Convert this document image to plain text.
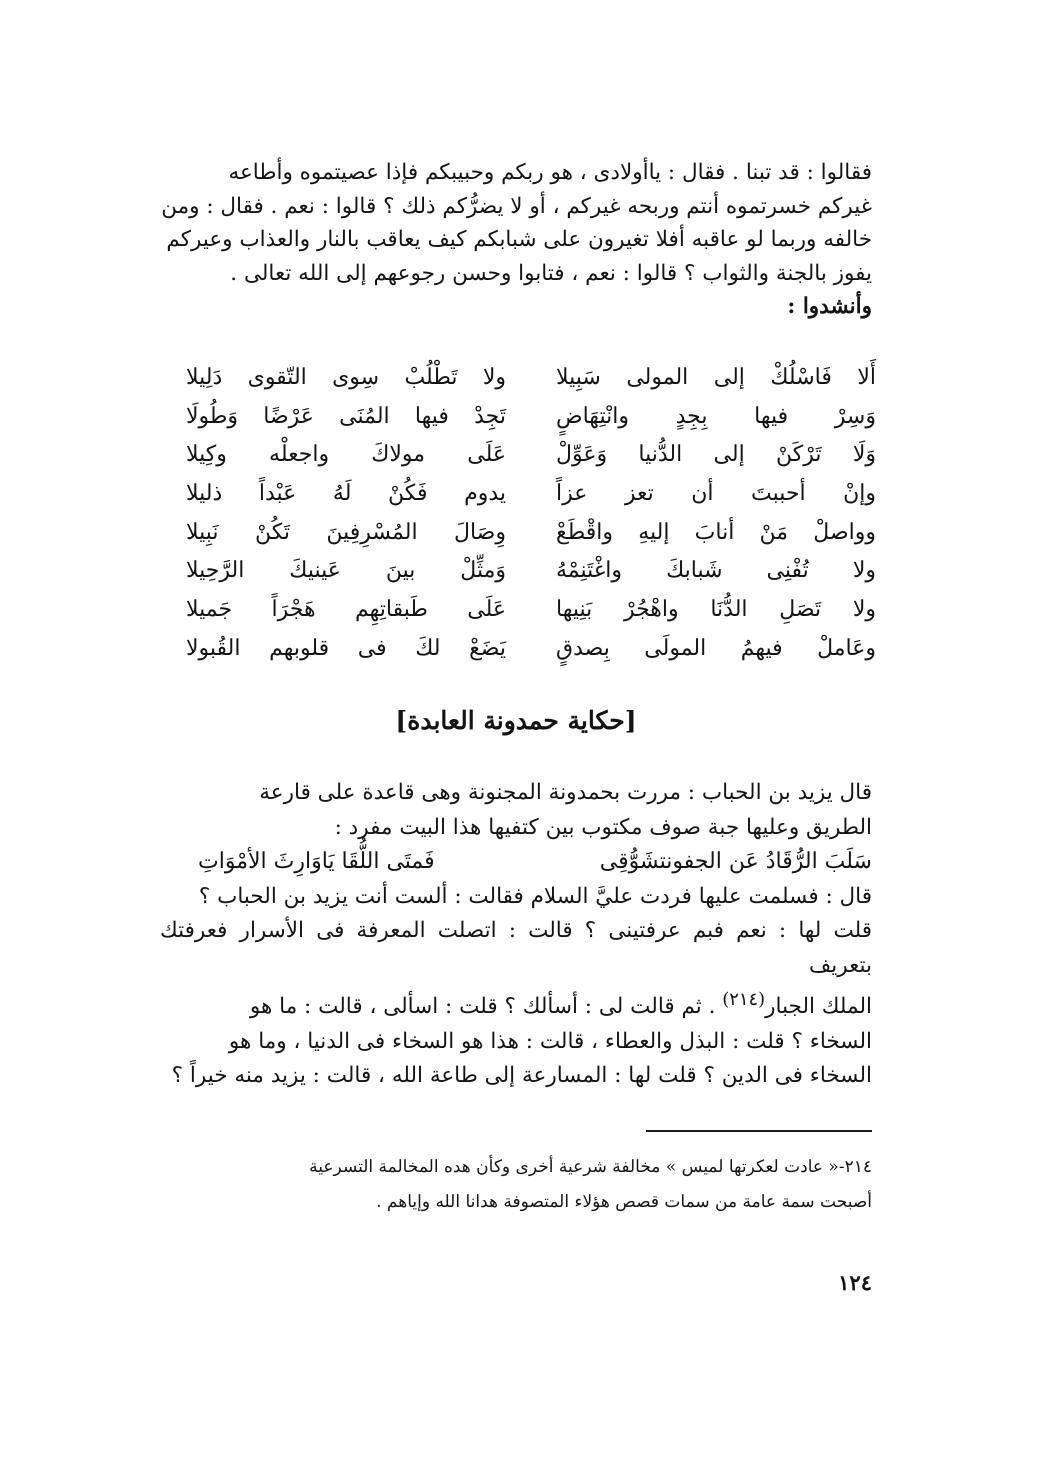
فقالوا : قد تبنا . فقال : ياأولادى ، هو ربكم وحبيبكم فإذا عصيتموه وأطاعه

غيركم خسرتموه أنتم وربحه غيركم ، أو لا يضرُّكم ذلك ؟ قالوا : نعم . فقال : ومن

خالفه وربما لو عاقبه أفلا تغيرون على شبابكم كيف يعاقب بالنار والعذاب وعيركم

يفوز بالجنة والثواب ؟ قالوا : نعم ، فتابوا وحسن رجوعهم إلى الله تعالى .

وأنشدوا :

أَلا فَاسْلُكْ إلى المولى سَبِيلا
ولا تَطْلُبْ سِوى التّقوى دَلِيلا
وَسِرْ فيها بِجِدٍ وانْتِهَاضٍ
تَجِدْ فيها المُنَى عَرْضًا وَطُولَا
وَلَا تَرْكَنْ إلى الدُّنيا وَعَوِّلْ
عَلَى مولاكَ واجعلْه وكِيلا
وإنْ أحببتَ أن تعز عزاً
يدوم فَكُنْ لَهُ عَبْداً ذليلا
وواصلْ مَنْ أنابَ إليهِ واقْطَعْ
وِصَالَ المُسْرِفِينَ تَكُنْ نَبِيلا
ولا تُفْنِى شَبابكَ واغْتَنِمْهُ
وَمثِّلْ بينَ عَينيكَ الرَّحِيلا
ولا تَصَلِ الدُّنَا واهْجُرْ بَنِيها
عَلَى طَبقاتِهِم هَجْرَاً جَميلا
وعَاملْ فيهمُ المولَى بِصدقٍ
يَضَعْ لكَ فى قلوبهم القُبولا
[حكاية حمدونة العابدة]

قال يزيد بن الحباب : مررت بحمدونة المجنونة وهى قاعدة على قارعة

الطريق وعليها جبة صوف مكتوب بين كتفيها هذا البيت مفرد :

سَلَبَ الرُّقَادُ عَن الجفونتشَوُّقِى
فَمتَى اللُّقَا يَاوَارِثَ الأمْوَاتِ

قال : فسلمت عليها فردت عليَّ السلام فقالت : ألست أنت يزيد بن الحباب ؟

قلت لها : نعم فبم عرفتينى ؟ قالت : اتصلت المعرفة فى الأسرار فعرفتك بتعريف

الملك الجبار$^{(٢١٤)}$ . ثم قالت لى : أسألك ؟ قلت : اسألى ، قالت : ما هو

السخاء ؟ قلت : البذل والعطاء ، قالت : هذا هو السخاء فى الدنيا ، وما هو

السخاء فى الدين ؟ قلت لها : المسارعة إلى طاعة الله ، قالت : يزيد منه خيراً ؟

٢١٤-« عادت لعكرتها لميس » مخالفة شرعية أخرى وكأن هده المخالمة التسرعية

أصبحت سمة عامة من سمات قصص هؤلاء المتصوفة هدانا الله وإياهم .

١٢٤
